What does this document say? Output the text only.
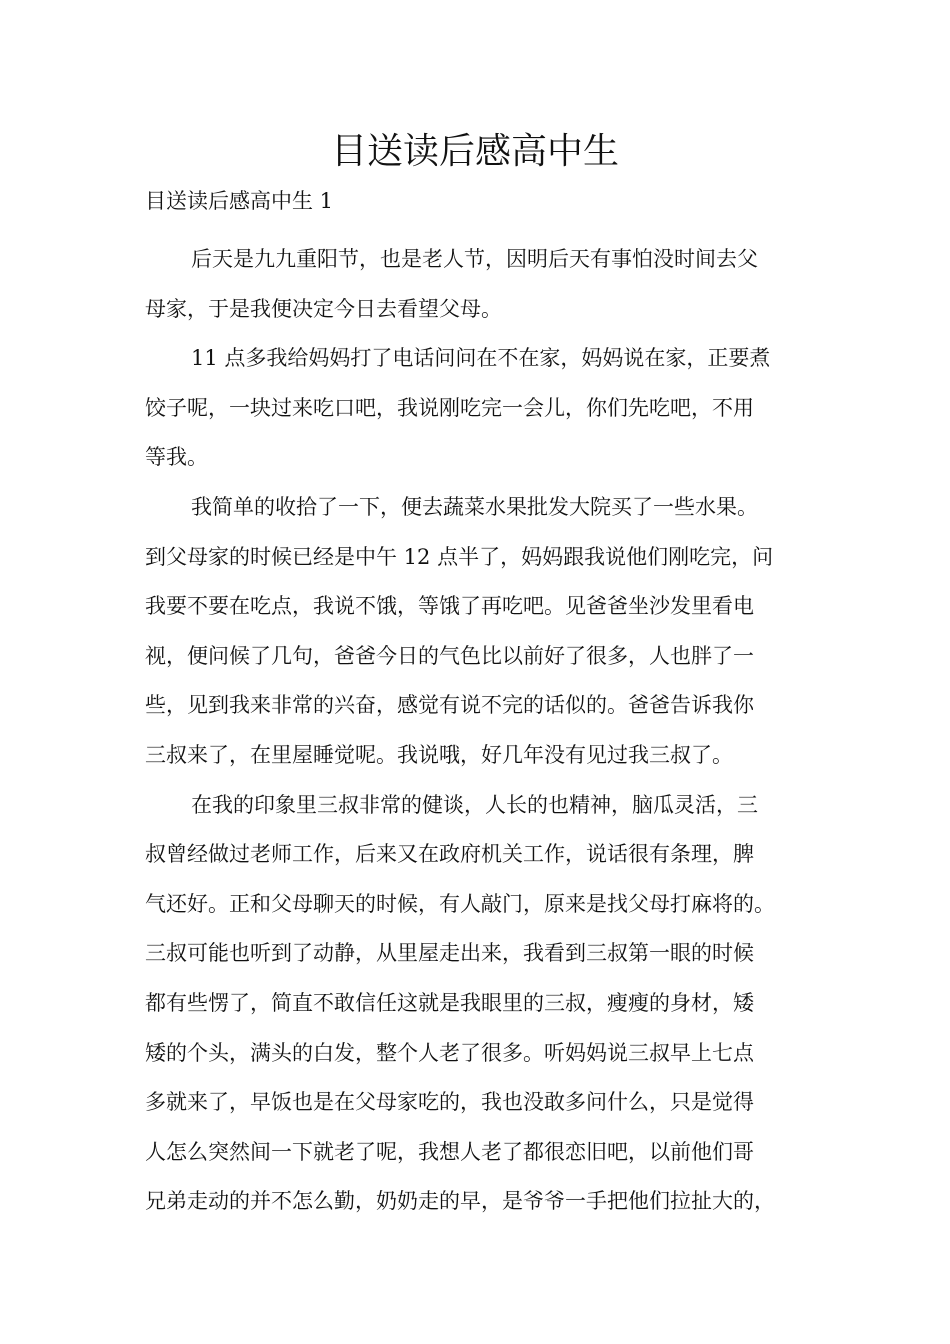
目送读后感高中生
目送读后感高中生 1

后天是九九重阳节，也是老人节，因明后天有事怕没时间去父
母家，于是我便决定今日去看望父母。

11 点多我给妈妈打了电话问问在不在家，妈妈说在家，正要煮
饺子呢，一块过来吃口吧，我说刚吃完一会儿，你们先吃吧，不用
等我。

我简单的收拾了一下，便去蔬菜水果批发大院买了一些水果。
到父母家的时候已经是中午 12 点半了，妈妈跟我说他们刚吃完，问
我要不要在吃点，我说不饿，等饿了再吃吧。见爸爸坐沙发里看电
视，便问候了几句，爸爸今日的气色比以前好了很多，人也胖了一
些，见到我来非常的兴奋，感觉有说不完的话似的。爸爸告诉我你
三叔来了，在里屋睡觉呢。我说哦，好几年没有见过我三叔了。

在我的印象里三叔非常的健谈，人长的也精神，脑瓜灵活，三
叔曾经做过老师工作，后来又在政府机关工作，说话很有条理，脾
气还好。正和父母聊天的时候，有人敲门，原来是找父母打麻将的。
三叔可能也听到了动静，从里屋走出来，我看到三叔第一眼的时候
都有些愣了，简直不敢信任这就是我眼里的三叔，瘦瘦的身材，矮
矮的个头，满头的白发，整个人老了很多。听妈妈说三叔早上七点
多就来了，早饭也是在父母家吃的，我也没敢多问什么，只是觉得
人怎么突然间一下就老了呢，我想人老了都很恋旧吧，以前他们哥
兄弟走动的并不怎么勤，奶奶走的早，是爷爷一手把他们拉扯大的，
